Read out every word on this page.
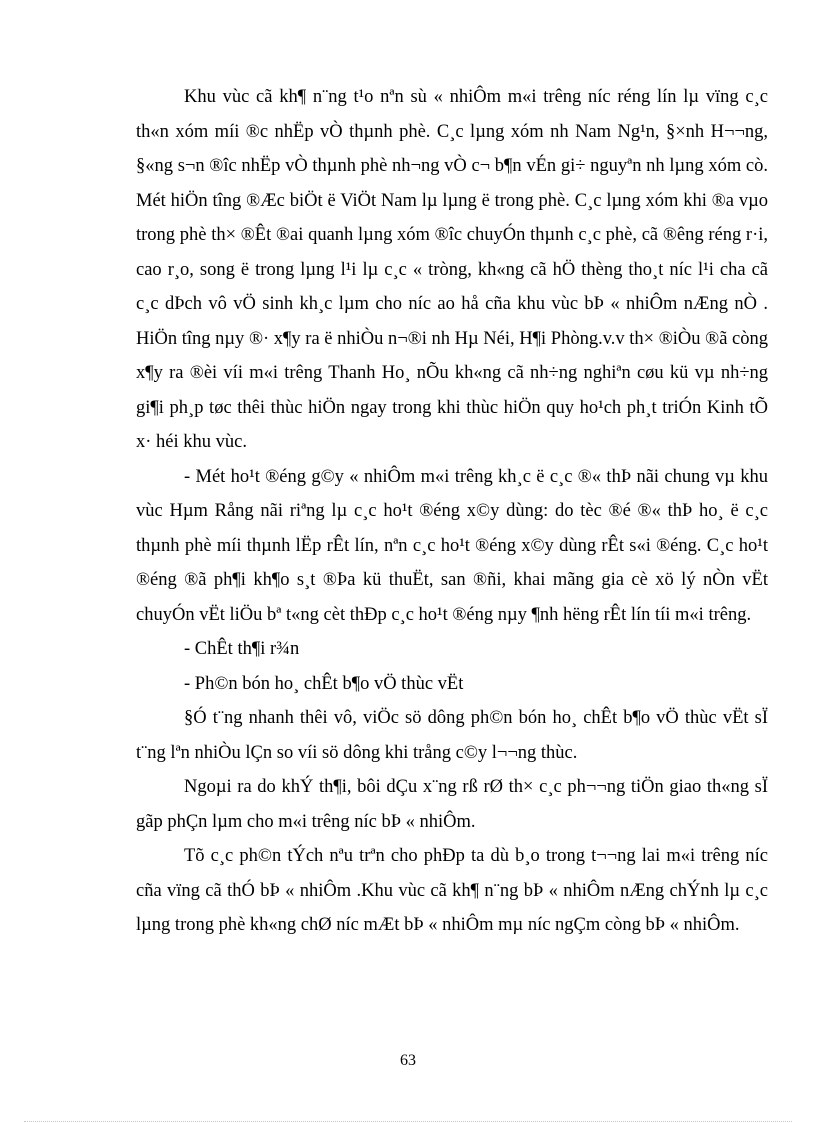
Khu vùc cã kh¶ n¨ng t¹o nªn sù « nhiÔm m«i trêng níc réng lín lµ vïng c¸c th«n xóm míi ®c nhËp vÒ thµnh phè. C¸c lµng xóm nh Nam Ng¹n, §×nh H¬¬ng, §«ng s¬n ®îc nhËp vÒ thµnh phè nh¬ng vÒ c¬ b¶n vÉn gi÷ nguyªn nh lµng xóm cò. Mét hiÖn tîng ®Æc biÖt ë ViÖt Nam lµ lµng ë trong phè. C¸c lµng xóm khi ®a vµo trong phè th× ®Êt ®ai quanh lµng xóm ®îc chuyÓn thµnh c¸c phè, cã ®êng réng r·i, cao r¸o, song ë trong lµng l¹i lµ c¸c « tròng, kh«ng cã hÖ thèng tho¸t níc l¹i cha cã c¸c dÞch vô vÖ sinh kh¸c lµm cho níc ao hå cña khu vùc bÞ « nhiÔm nÆng nÒ . HiÖn tîng nµy ®· x¶y ra ë nhiÒu n¬®i nh Hµ Néi, H¶i Phòng.v.v th× ®iÒu ®ã còng x¶y ra ®èi víi m«i trêng Thanh Ho¸ nÕu kh«ng cã nh÷ng nghiªn cøu kü vµ nh÷ng gi¶i ph¸p tøc thêi thùc hiÖn ngay trong khi thùc hiÖn quy ho¹ch ph¸t triÓn Kinh tÕ x· héi khu vùc.

- Mét ho¹t ®éng g©y « nhiÔm m«i trêng kh¸c ë c¸c ®« thÞ nãi chung vµ khu vùc Hµm Rång nãi riªng lµ c¸c ho¹t ®éng x©y dùng: do tèc ®é ®« thÞ ho¸ ë c¸c thµnh phè míi thµnh lËp rÊt lín, nªn c¸c ho¹t ®éng x©y dùng rÊt s«i ®éng. C¸c ho¹t ®éng ®ã ph¶i kh¶o s¸t ®Þa kü thuËt, san ®ñi, khai mãng gia cè xö lý nÒn vËt chuyÓn vËt liÖu bª t«ng cèt thÐp c¸c ho¹t ®éng nµy ¶nh hëng rÊt lín tíi m«i trêng.

- ChÊt th¶i r¾n

- Ph©n bón ho¸ chÊt b¶o vÖ thùc vËt

§Ó t¨ng nhanh thêi vô, viÖc sö dông ph©n bón ho¸ chÊt b¶o vÖ thùc vËt sÏ t¨ng lªn nhiÒu lÇn so víi sö dông khi trång c©y l¬¬ng thùc.

Ngoµi ra do khÝ th¶i, bôi dÇu x¨ng rß rØ th× c¸c ph¬¬ng tiÖn giao th«ng sÏ gãp phÇn lµm cho m«i trêng níc bÞ « nhiÔm.

Tõ c¸c ph©n tÝch nªu trªn cho phÐp ta dù b¸o trong t¬¬ng lai m«i trêng níc cña vïng cã thÓ bÞ « nhiÔm .Khu vùc cã kh¶ n¨ng bÞ « nhiÔm nÆng chÝnh lµ c¸c lµng trong phè kh«ng chØ níc mÆt bÞ « nhiÔm mµ níc ngÇm còng bÞ « nhiÔm.

63
